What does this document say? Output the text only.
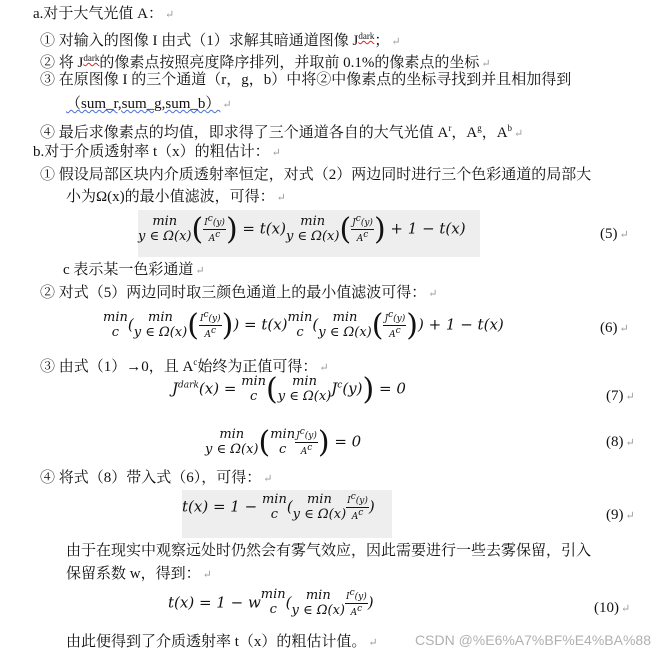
a.对于大气光值 A： ↵
① 对输入的图像 I 由式（1）求解其暗通道图像 $J^{dark}$； ↵
② 将 $J^{dark}$的像素点按照亮度降序排列，并取前 0.1%的像素点的坐标 ↵
③ 在原图像 I 的三个通道（r，g，b）中将②中像素点的坐标寻找到并且相加得到
（sum_r,sum_g,sum_b） ↵
④ 最后求像素点的均值，即求得了三个通道各自的大气光值 $A^r$，$A^g$，$A^b$ ↵
b.对于介质透射率 t（x）的粗估计： ↵
① 假设局部区块内介质透射率恒定，对式（2）两边同时进行三个色彩通道的局部大
小为Ω(x)的最小值滤波，可得： ↵
min
y ∈ Ω(x) ( $\frac{I^c(y)}{A^c}$ ) = t(x)	min
y ∈ Ω(x) ( $\frac{J^c(y)}{A^c}$ ) + 1 − t(x)	(5) ↵
c 表示某一色彩通道 ↵
② 对式（5）两边同时取三颜色通道上的最小值滤波可得： ↵
min
c (	min
y ∈ Ω(x) ( $\frac{I^c(y)}{A^c}$ )) = t(x) min
c (	min
y ∈ Ω(x) ( $\frac{J^c(y)}{A^c}$ )) + 1 − t(x)	(6) ↵
③ 由式（1）→0，且 $A^c$始终为正值可得： ↵
$J^{dark}(x) = \min$
c (	min
y ∈ Ω(x) $J^c(y)) = 0$	(7) ↵
min
y ∈ Ω(x) ( min
c $\frac{J^c(y)}{A^c}$ ) = 0	(8) ↵
④ 将式（8）带入式（6），可得： ↵
t(x) = 1 − min
c (	min
y ∈ $\Omega(x) \frac{I^c(y)}{A^c}$ )	(9) ↵
由于在现实中观察远处时仍然会有雾气效应，因此需要进行一些去雾保留，引入
保留系数 w，得到： ↵
t(x) = 1 − w min
c (	min
y ∈ $\Omega(x) \frac{I^c(y)}{A^c}$ )	(10) ↵
由此便得到了介质透射率 t（x）的粗估计值。 ↵	CSDN @%E6%A7%BF%E4%BA%88
